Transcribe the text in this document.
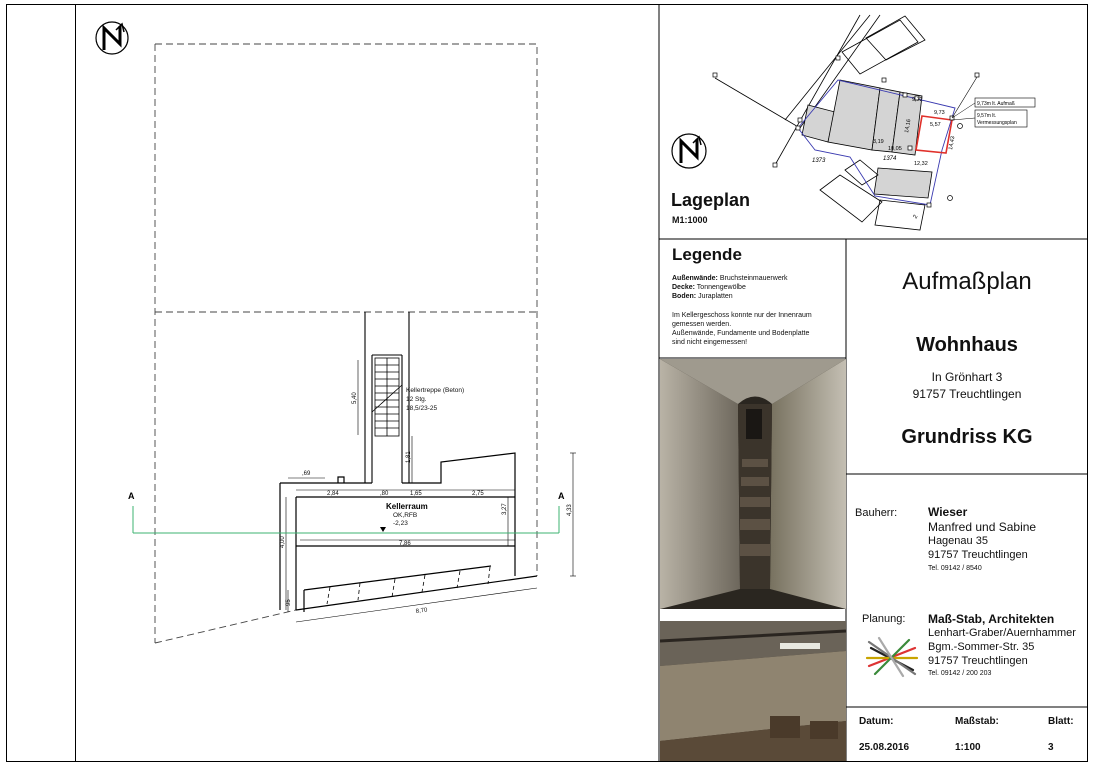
A	A
Kellertreppe (Beton)
12 Stg.
18,5/23-25
Kellerraum
OK,RFB
-2,23
,69
2,84	,80	1,65	2,75
7,86
8,70
5,40
1,81
3,27	4,33
4,00
95
9,73m lt. Aufmaß
9,57m lt.
Vermessungsplan
1373	1374
2
9,73
9,72
14,16
10,05
12,32
3,19	14,43
5,57
Lageplan
M1:1000
Legende
Außenwände: Bruchsteinmauerwerk
Decke: Tonnengewölbe
Boden: Juraplatten
Im Kellergeschoss konnte nur der Innenraum
gemessen werden.
Außenwände, Fundamente und Bodenplatte
sind nicht eingemessen!
Aufmaßplan
Wohnhaus
In Grönhart 3
91757 Treuchtlingen
Grundriss KG
Bauherr:	Wieser
Manfred und Sabine
Hagenau 35
91757 Treuchtlingen
Tel. 09142 / 8540
Planung: Maß-Stab, Architekten
Lenhart-Graber/Auernhammer
Bgm.-Sommer-Str. 35
91757 Treuchtlingen
Tel. 09142 / 200 203
Datum:
25.08.2016
Maßstab:
1:100
Blatt:
3
